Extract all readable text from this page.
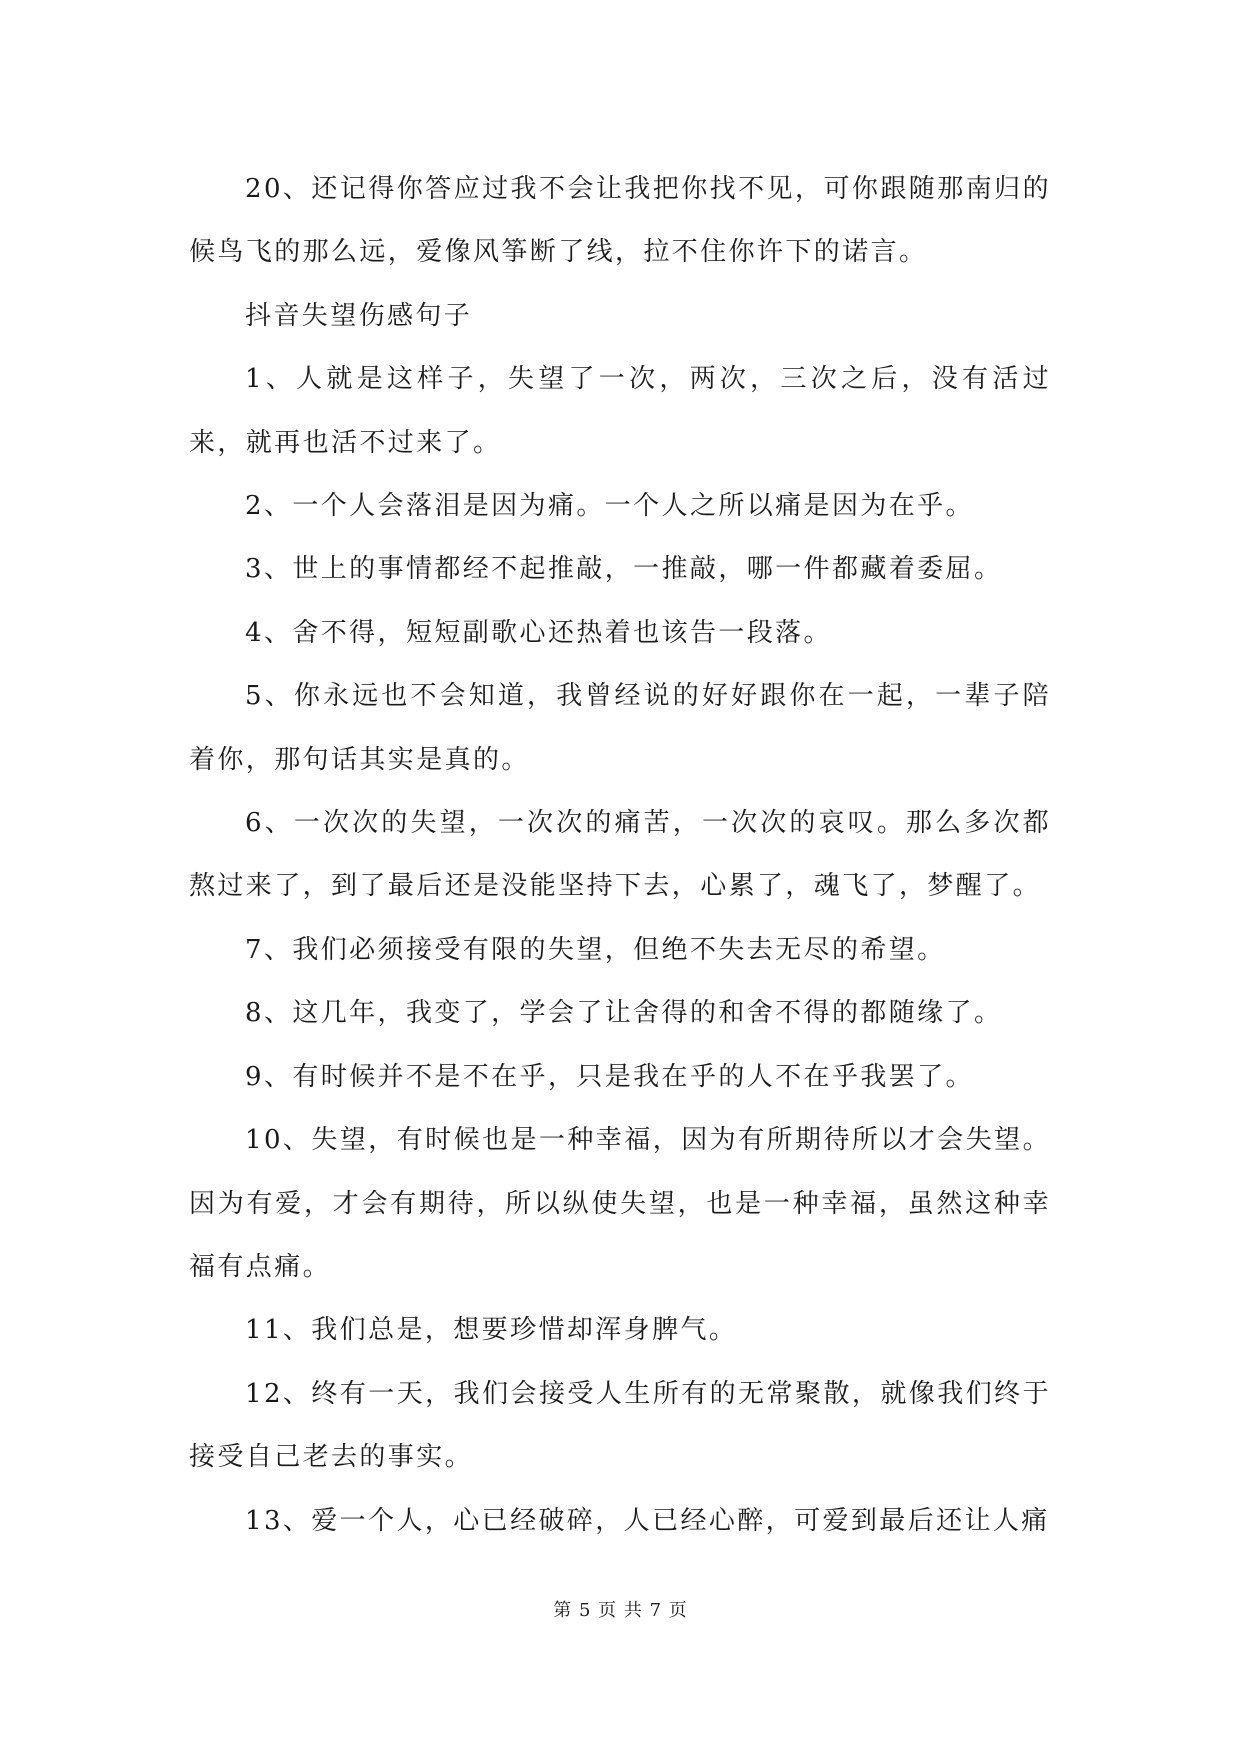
20、还记得你答应过我不会让我把你找不见，可你跟随那南归的候鸟飞的那么远，爱像风筝断了线，拉不住你许下的诺言。

抖音失望伤感句子

1、人就是这样子，失望了一次，两次，三次之后，没有活过来，就再也活不过来了。

2、一个人会落泪是因为痛。一个人之所以痛是因为在乎。

3、世上的事情都经不起推敲，一推敲，哪一件都藏着委屈。

4、舍不得，短短副歌心还热着也该告一段落。

5、你永远也不会知道，我曾经说的好好跟你在一起，一辈子陪着你，那句话其实是真的。

6、一次次的失望，一次次的痛苦，一次次的哀叹。那么多次都熬过来了，到了最后还是没能坚持下去，心累了，魂飞了，梦醒了。

7、我们必须接受有限的失望，但绝不失去无尽的希望。

8、这几年，我变了，学会了让舍得的和舍不得的都随缘了。

9、有时候并不是不在乎，只是我在乎的人不在乎我罢了。

10、失望，有时候也是一种幸福，因为有所期待所以才会失望。因为有爱，才会有期待，所以纵使失望，也是一种幸福，虽然这种幸福有点痛。

11、我们总是，想要珍惜却浑身脾气。

12、终有一天，我们会接受人生所有的无常聚散，就像我们终于接受自己老去的事实。

13、爱一个人，心已经破碎，人已经心醉，可爱到最后还让人痛

第 5 页 共 7 页
